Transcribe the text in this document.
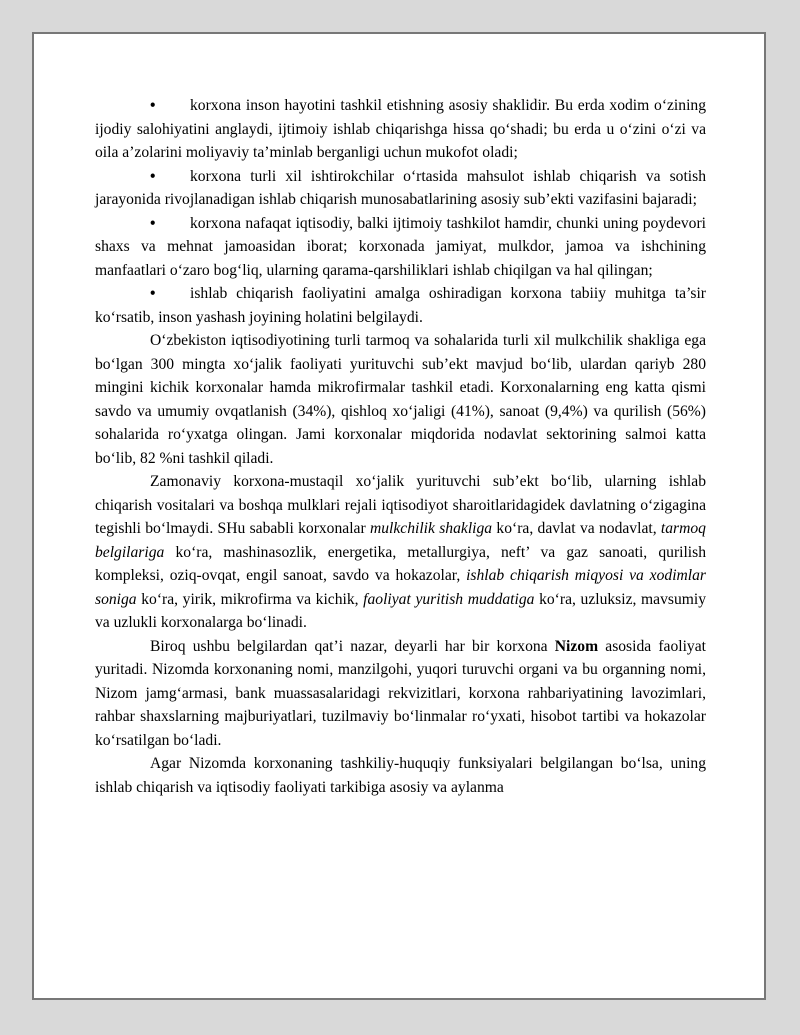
•korxona inson hayotini tashkil etishning asosiy shaklidir. Bu erda xodim o‘zining ijodiy salohiyatini anglaydi, ijtimoiy ishlab chiqarishga hissa qo‘shadi; bu erda u o‘zini o‘zi va oila a’zolarini moliyaviy ta’minlab berganligi uchun mukofot oladi;

•korxona turli xil ishtirokchilar o‘rtasida mahsulot ishlab chiqarish va sotish jarayonida rivojlanadigan ishlab chiqarish munosabatlarining asosiy sub’ekti vazifasini bajaradi;

•korxona nafaqat iqtisodiy, balki ijtimoiy tashkilot hamdir, chunki uning poydevori shaxs va mehnat jamoasidan iborat; korxonada jamiyat, mulkdor, jamoa va ishchining manfaatlari o‘zaro bog‘liq, ularning qarama-qarshiliklari ishlab chiqilgan va hal qilingan;

•ishlab chiqarish faoliyatini amalga oshiradigan korxona tabiiy muhitga ta’sir ko‘rsatib, inson yashash joyining holatini belgilaydi.

O‘zbekiston iqtisodiyotining turli tarmoq va sohalarida turli xil mulkchilik shakliga ega bo‘lgan 300 mingta xo‘jalik faoliyati yurituvchi sub’ekt mavjud bo‘lib, ulardan qariyb 280 mingini kichik korxonalar hamda mikrofirmalar tashkil etadi. Korxonalarning eng katta qismi savdo va umumiy ovqatlanish (34%), qishloq xo‘jaligi (41%), sanoat (9,4%) va qurilish (56%) sohalarida ro‘yxatga olingan. Jami korxonalar miqdorida nodavlat sektorining salmoi katta bo‘lib, 82 %ni tashkil qiladi.

Zamonaviy korxona-mustaqil xo‘jalik yurituvchi sub’ekt bo‘lib, ularning ishlab chiqarish vositalari va boshqa mulklari rejali iqtisodiyot sharoitlaridagidek davlatning o‘zigagina tegishli bo‘lmaydi. SHu sababli korxonalar mulkchilik shakliga ko‘ra, davlat va nodavlat, tarmoq belgilariga ko‘ra, mashinasozlik, energetika, metallurgiya, neft’ va gaz sanoati, qurilish kompleksi, oziq-ovqat, engil sanoat, savdo va hokazolar, ishlab chiqarish miqyosi va xodimlar soniga ko‘ra, yirik, mikrofirma va kichik, faoliyat yuritish muddatiga ko‘ra, uzluksiz, mavsumiy va uzlukli korxonalarga bo‘linadi.

Biroq ushbu belgilardan qat’i nazar, deyarli har bir korxona Nizom asosida faoliyat yuritadi. Nizomda korxonaning nomi, manzilgohi, yuqori turuvchi organi va bu organning nomi, Nizom jamg‘armasi, bank muassasalaridagi rekvizitlari, korxona rahbariyatining lavozimlari, rahbar shaxslarning majburiyatlari, tuzilmaviy bo‘linmalar ro‘yxati, hisobot tartibi va hokazolar ko‘rsatilgan bo‘ladi.

Agar Nizomda korxonaning tashkiliy-huquqiy funksiyalari belgilangan bo‘lsa, uning ishlab chiqarish va iqtisodiy faoliyati tarkibiga asosiy va aylanma
